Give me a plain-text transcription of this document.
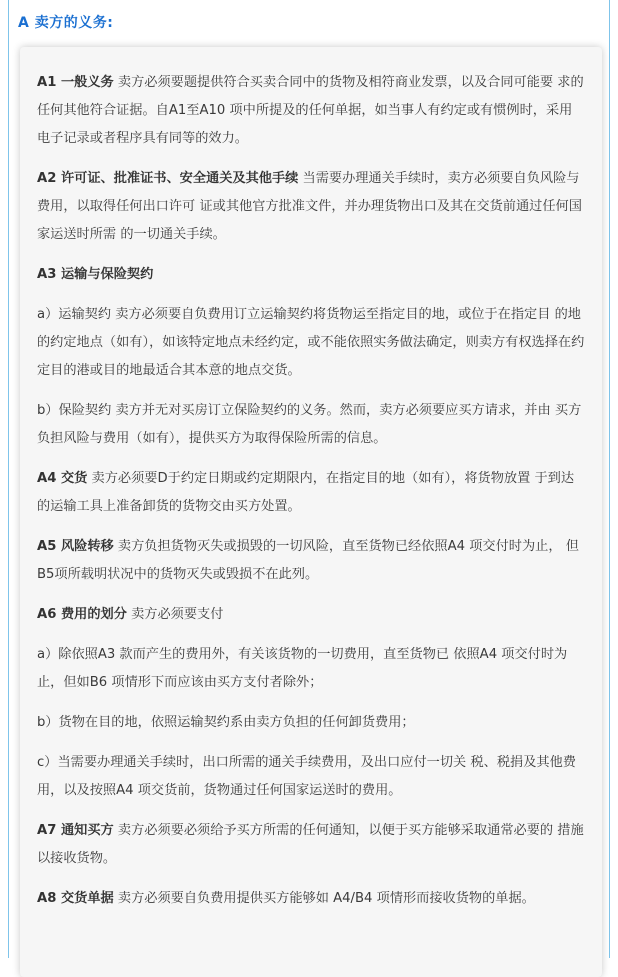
A 卖方的义务:

A1 一般义务 卖方必须要题提供符合买卖合同中的货物及相符商业发票，以及合同可能要 求的任何其他符合证据。自A1至A10 项中所提及的任何单据，如当事人有约定或有惯例时，采用电子记录或者程序具有同等的效力。

A2 许可证、批准证书、安全通关及其他手续 当需要办理通关手续时，卖方必须要自负风险与费用，以取得任何出口许可 证或其他官方批准文件，并办理货物出口及其在交货前通过任何国家运送时所需 的一切通关手续。

A3 运输与保险契约

a）运输契约 卖方必须要自负费用订立运输契约将货物运至指定目的地，或位于在指定目 的地的约定地点（如有），如该特定地点未经约定，或不能依照实务做法确定，则卖方有权选择在约定目的港或目的地最适合其本意的地点交货。

b）保险契约 卖方并无对买房订立保险契约的义务。然而，卖方必须要应买方请求，并由 买方负担风险与费用（如有），提供买方为取得保险所需的信息。

A4 交货 卖方必须要D于约定日期或约定期限内，在指定目的地（如有），将货物放置 于到达的运输工具上准备卸货的货物交由买方处置。

A5 风险转移 卖方负担货物灭失或损毁的一切风险，直至货物已经依照A4 项交付时为止， 但B5项所载明状况中的货物灭失或毁损不在此列。

A6 费用的划分 卖方必须要支付

a）除依照A3 款而产生的费用外，有关该货物的一切费用，直至货物已 依照A4 项交付时为止，但如B6 项情形下而应该由买方支付者除外；

b）货物在目的地，依照运输契约系由卖方负担的任何卸货费用；

c）当需要办理通关手续时，出口所需的通关手续费用，及出口应付一切关 税、税捐及其他费用，以及按照A4 项交货前，货物通过任何国家运送时的费用。

A7 通知买方 卖方必须要必须给予买方所需的任何通知，以便于买方能够采取通常必要的 措施以接收货物。

A8 交货单据 卖方必须要自负费用提供买方能够如 A4/B4 项情形而接收货物的单据。
